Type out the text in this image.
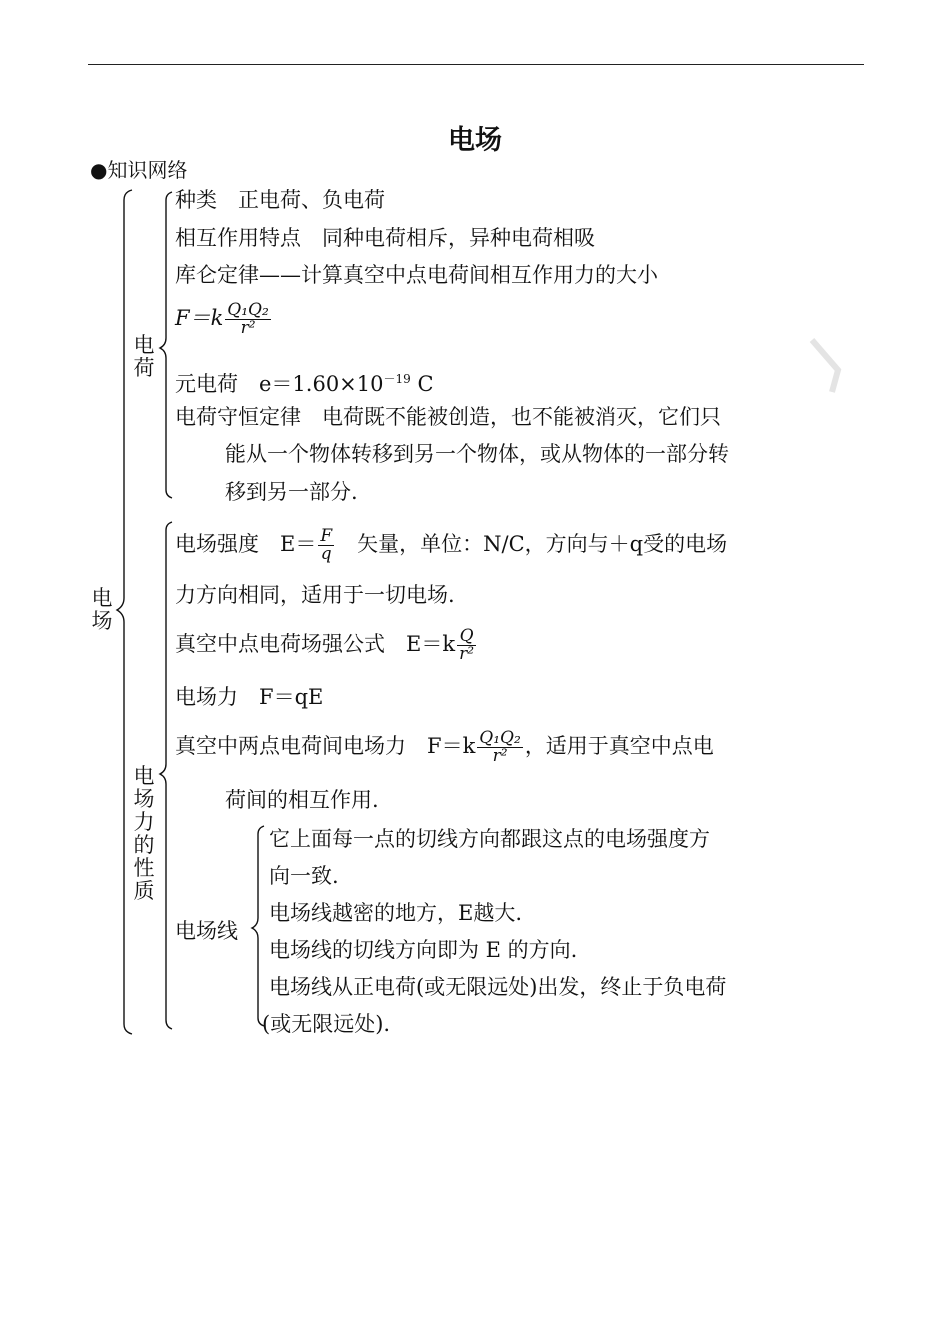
电场
●知识网络
电
场
电
荷
种类　正电荷、负电荷
相互作用特点　同种电荷相斥，异种电荷相吸
库仑定律——计算真空中点电荷间相互作用力的大小
$F=k \frac{\text{Q₁Q₂}}{\text{r²}}$
元电荷　$e=1.60\times 10^{-19}$ C
电荷守恒定律　电荷既不能被创造，也不能被消灭，它们只
能从一个物体转移到另一个物体，或从物体的一部分转
移到另一部分.
电
场
力
的
性
质
电场强度　$E= \frac{F}{q}$ 　矢量，单位：N/C，方向与＋q受的电场
力方向相同，适用于一切电场.
真空中点电荷场强公式　$E=k \frac{Q}{\text{r²}}$
电场力　F＝qE
真空中两点电荷间电场力　$F=k \frac{\text{Q₁Q₂}}{\text{r²}}$ ，适用于真空中点电
荷间的相互作用.
电场线
它上面每一点的切线方向都跟这点的电场强度方
向一致.
电场线越密的地方，E越大.
电场线的切线方向即为 E 的方向.
电场线从正电荷(或无限远处)出发，终止于负电荷
(或无限远处).
